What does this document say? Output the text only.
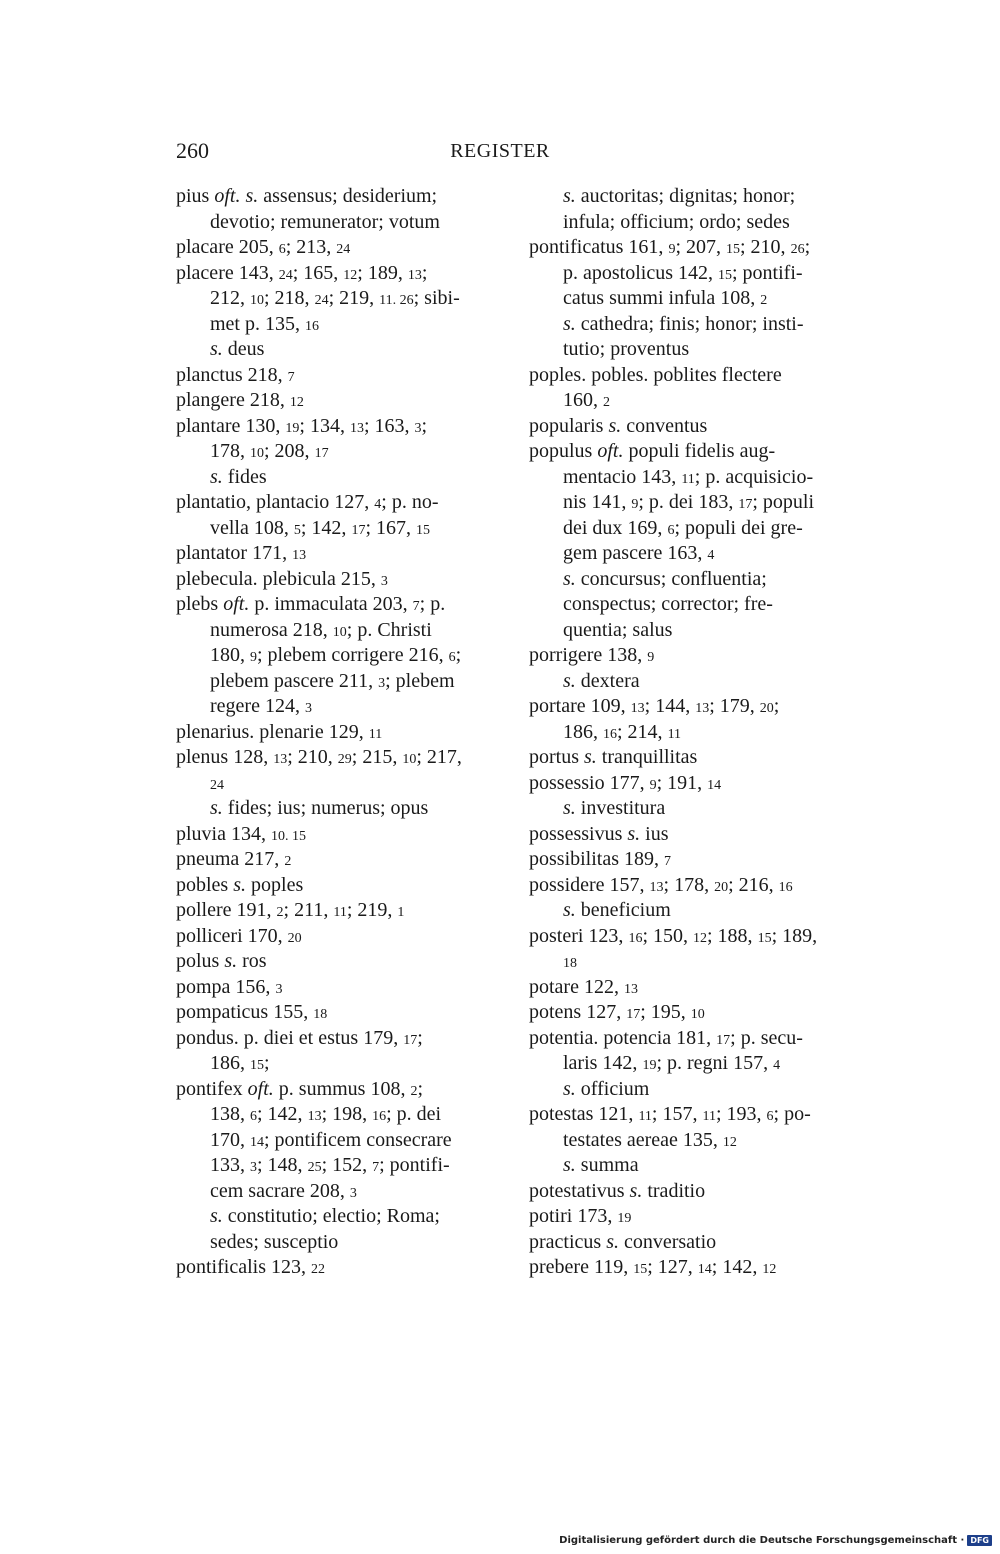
260	REGISTER
pius oft. s. assensus; desiderium;
devotio; remunerator; votum
placare 205, 6; 213, 24
placere 143, 24; 165, 12; 189, 13;
212, 10; 218, 24; 219, 11. 26; sibi-
met p. 135, 16
s. deus
planctus 218, 7
plangere 218, 12
plantare 130, 19; 134, 13; 163, 3;
178, 10; 208, 17
s. fides
plantatio, plantacio 127, 4; p. no-
vella 108, 5; 142, 17; 167, 15
plantator 171, 13
plebecula. plebicula 215, 3
plebs oft. p. immaculata 203, 7; p.
numerosa 218, 10; p. Christi
180, 9; plebem corrigere 216, 6;
plebem pascere 211, 3; plebem
regere 124, 3
plenarius. plenarie 129, 11
plenus 128, 13; 210, 29; 215, 10; 217,
24
s. fides; ius; numerus; opus
pluvia 134, 10. 15
pneuma 217, 2
pobles s. poples
pollere 191, 2; 211, 11; 219, 1
polliceri 170, 20
polus s. ros
pompa 156, 3
pompaticus 155, 18
pondus. p. diei et estus 179, 17;
186, 15;
pontifex oft. p. summus 108, 2;
138, 6; 142, 13; 198, 16; p. dei
170, 14; pontificem consecrare
133, 3; 148, 25; 152, 7; pontifi-
cem sacrare 208, 3
s. constitutio; electio; Roma;
sedes; susceptio
pontificalis 123, 22
s. auctoritas; dignitas; honor;
infula; officium; ordo; sedes
pontificatus 161, 9; 207, 15; 210, 26;
p. apostolicus 142, 15; pontifi-
catus summi infula 108, 2
s. cathedra; finis; honor; insti-
tutio; proventus
poples. pobles. poblites flectere
160, 2
popularis s. conventus
populus oft. populi fidelis aug-
mentacio 143, 11; p. acquisicio-
nis 141, 9; p. dei 183, 17; populi
dei dux 169, 6; populi dei gre-
gem pascere 163, 4
s. concursus; confluentia;
conspectus; corrector; fre-
quentia; salus
porrigere 138, 9
s. dextera
portare 109, 13; 144, 13; 179, 20;
186, 16; 214, 11
portus s. tranquillitas
possessio 177, 9; 191, 14
s. investitura
possessivus s. ius
possibilitas 189, 7
possidere 157, 13; 178, 20; 216, 16
s. beneficium
posteri 123, 16; 150, 12; 188, 15; 189,
18
potare 122, 13
potens 127, 17; 195, 10
potentia. potencia 181, 17; p. secu-
laris 142, 19; p. regni 157, 4
s. officium
potestas 121, 11; 157, 11; 193, 6; po-
testates aereae 135, 12
s. summa
potestativus s. traditio
potiri 173, 19
practicus s. conversatio
prebere 119, 15; 127, 14; 142, 12
Digitalisierung gefördert durch die Deutsche Forschungsgemeinschaft · DFG
